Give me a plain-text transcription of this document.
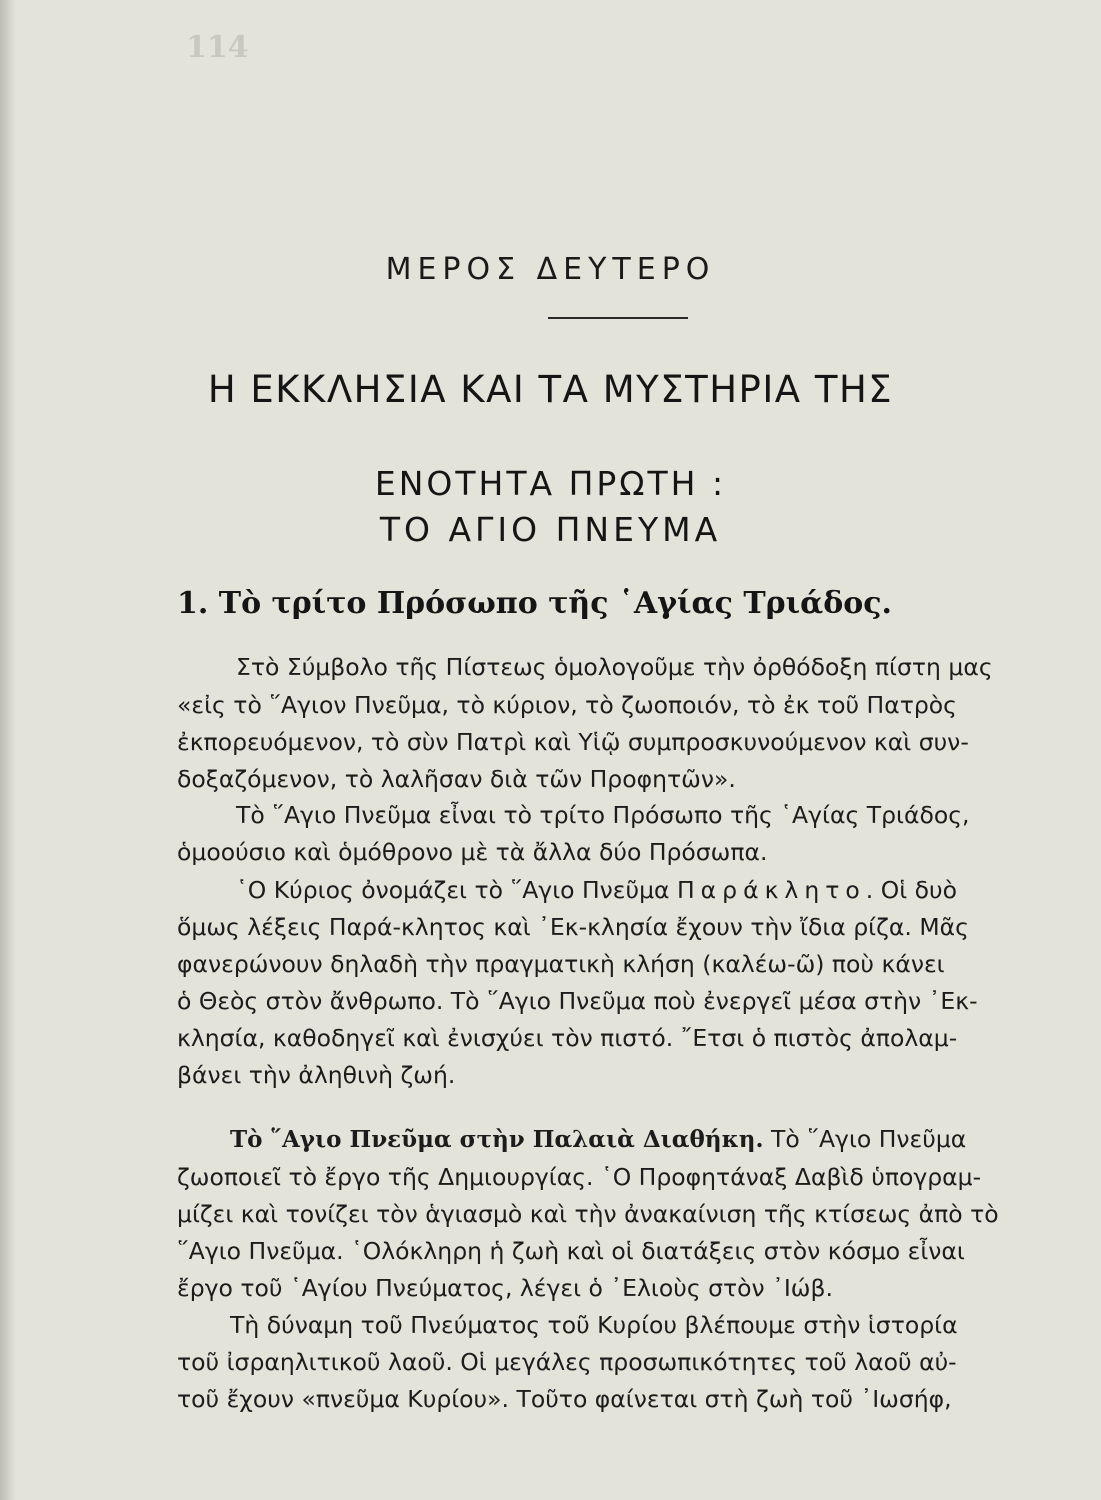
114
ΜΕΡΟΣ ΔΕΥΤΕΡΟ
Η ΕΚΚΛΗΣΙΑ ΚΑΙ ΤΑ ΜΥΣΤΗΡΙΑ ΤΗΣ
ΕΝΟΤΗΤΑ ΠΡΩΤΗ :
ΤΟ ΑΓΙΟ ΠΝΕΥΜΑ
1. Τὸ τρίτο Πρόσωπο τῆς ῾Αγίας Τριάδος.
Στὸ Σύμβολο τῆς Πίστεως ὁμολογοῦμε τὴν ὀρθόδοξη πίστη μας
«εἰς τὸ ῞Αγιον Πνεῦμα, τὸ κύριον, τὸ ζωοποιόν, τὸ ἐκ τοῦ Πατρὸς
ἐκπορευόμενον, τὸ σὺν Πατρὶ καὶ Υἱῷ συμπροσκυνούμενον καὶ συν-
δοξαζόμενον, τὸ λαλῆσαν διὰ τῶν Προφητῶν».
Τὸ ῞Αγιο Πνεῦμα εἶναι τὸ τρίτο Πρόσωπο τῆς ῾Αγίας Τριάδος,
ὁμοούσιο καὶ ὁμόθρονο μὲ τὰ ἄλλα δύο Πρόσωπα.
῾Ο Κύριος ὀνομάζει τὸ ῞Αγιο Πνεῦμα Παράκλητο. Οἱ δυὸ
ὅμως λέξεις Παρά-κλητος καὶ ᾿Εκ-κλησία ἔχουν τὴν ἴδια ρίζα. Μᾶς
φανερώνουν δηλαδὴ τὴν πραγματικὴ κλήση (καλέω-ῶ) ποὺ κάνει
ὁ Θεὸς στὸν ἄνθρωπο. Τὸ ῞Αγιο Πνεῦμα ποὺ ἐνεργεῖ μέσα στὴν ᾿Εκ-
κλησία, καθοδηγεῖ καὶ ἐνισχύει τὸν πιστό. ῎Ετσι ὁ πιστὸς ἀπολαμ-
βάνει τὴν ἀληθινὴ ζωή.
Τὸ ῞Αγιο Πνεῦμα στὴν Παλαιὰ Διαθήκη. Τὸ ῞Αγιο Πνεῦμα
ζωοποιεῖ τὸ ἔργο τῆς Δημιουργίας. ῾Ο Προφητάναξ Δαβὶδ ὑπογραμ-
μίζει καὶ τονίζει τὸν ἁγιασμὸ καὶ τὴν ἀνακαίνιση τῆς κτίσεως ἀπὸ τὸ
῞Αγιο Πνεῦμα. ῾Ολόκληρη ἡ ζωὴ καὶ οἱ διατάξεις στὸν κόσμο εἶναι
ἔργο τοῦ ῾Αγίου Πνεύματος, λέγει ὁ ᾿Ελιοὺς στὸν ᾿Ιώβ.
Τὴ δύναμη τοῦ Πνεύματος τοῦ Κυρίου βλέπουμε στὴν ἱστορία
τοῦ ἰσραηλιτικοῦ λαοῦ. Οἱ μεγάλες προσωπικότητες τοῦ λαοῦ αὐ-
τοῦ ἔχουν «πνεῦμα Κυρίου». Τοῦτο φαίνεται στὴ ζωὴ τοῦ ᾿Ιωσήφ,
